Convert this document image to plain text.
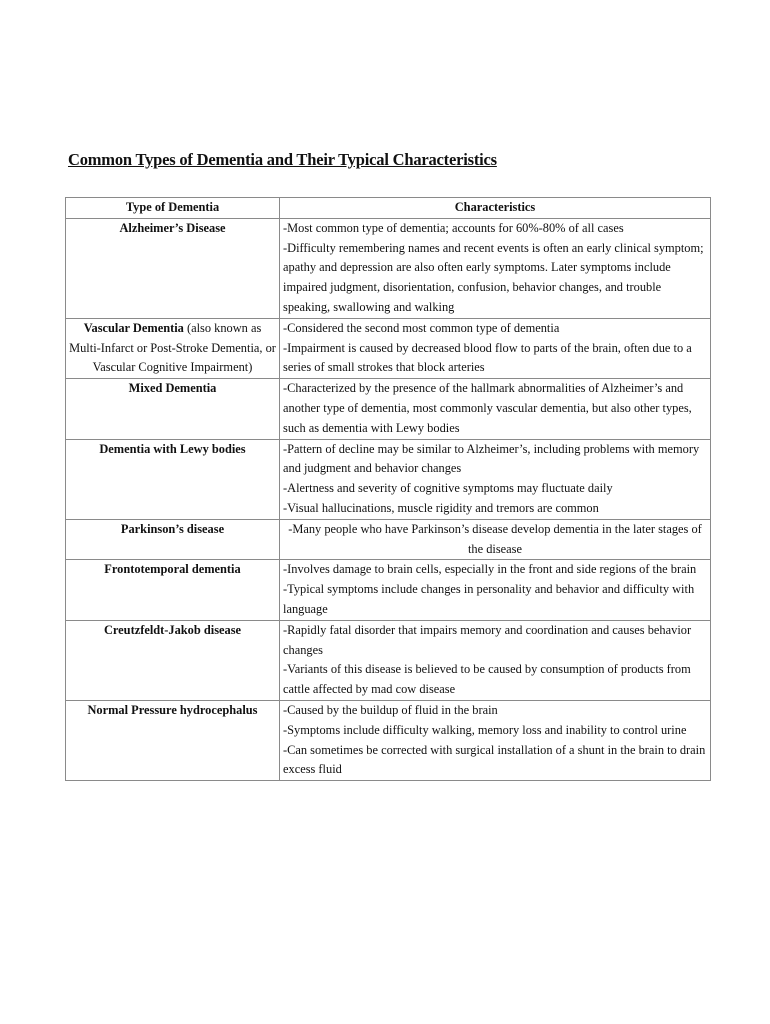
Common Types of Dementia and Their Typical Characteristics
Type of Dementia	Characteristics
Alzheimer’s Disease	-Most common type of dementia; accounts for 60%-80% of all cases
-Difficulty remembering names and recent events is often an early clinical symptom; apathy and depression are also often early symptoms. Later symptoms include impaired judgment, disorientation, confusion, behavior changes, and trouble speaking, swallowing and walking

Vascular Dementia (also known as Multi-Infarct or Post-Stroke Dementia, or Vascular Cognitive Impairment)	-Considered the second most common type of dementia
-Impairment is caused by decreased blood flow to parts of the brain, often due to a series of small strokes that block arteries

Mixed Dementia	-Characterized by the presence of the hallmark abnormalities of Alzheimer’s and another type of dementia, most commonly vascular dementia, but also other types, such as dementia with Lewy bodies

Dementia with Lewy bodies	-Pattern of decline may be similar to Alzheimer’s, including problems with memory and judgment and behavior changes
-Alertness and severity of cognitive symptoms may fluctuate daily
-Visual hallucinations, muscle rigidity and tremors are common

Parkinson’s disease	-Many people who have Parkinson’s disease develop dementia in the later stages of the disease

Frontotemporal dementia	-Involves damage to brain cells, especially in the front and side regions of the brain
-Typical symptoms include changes in personality and behavior and difficulty with language

Creutzfeldt-Jakob disease	-Rapidly fatal disorder that impairs memory and coordination and causes behavior changes
-Variants of this disease is believed to be caused by consumption of products from cattle affected by mad cow disease

Normal Pressure hydrocephalus	-Caused by the buildup of fluid in the brain
-Symptoms include difficulty walking, memory loss and inability to control urine
-Can sometimes be corrected with surgical installation of a shunt in the brain to drain excess fluid
